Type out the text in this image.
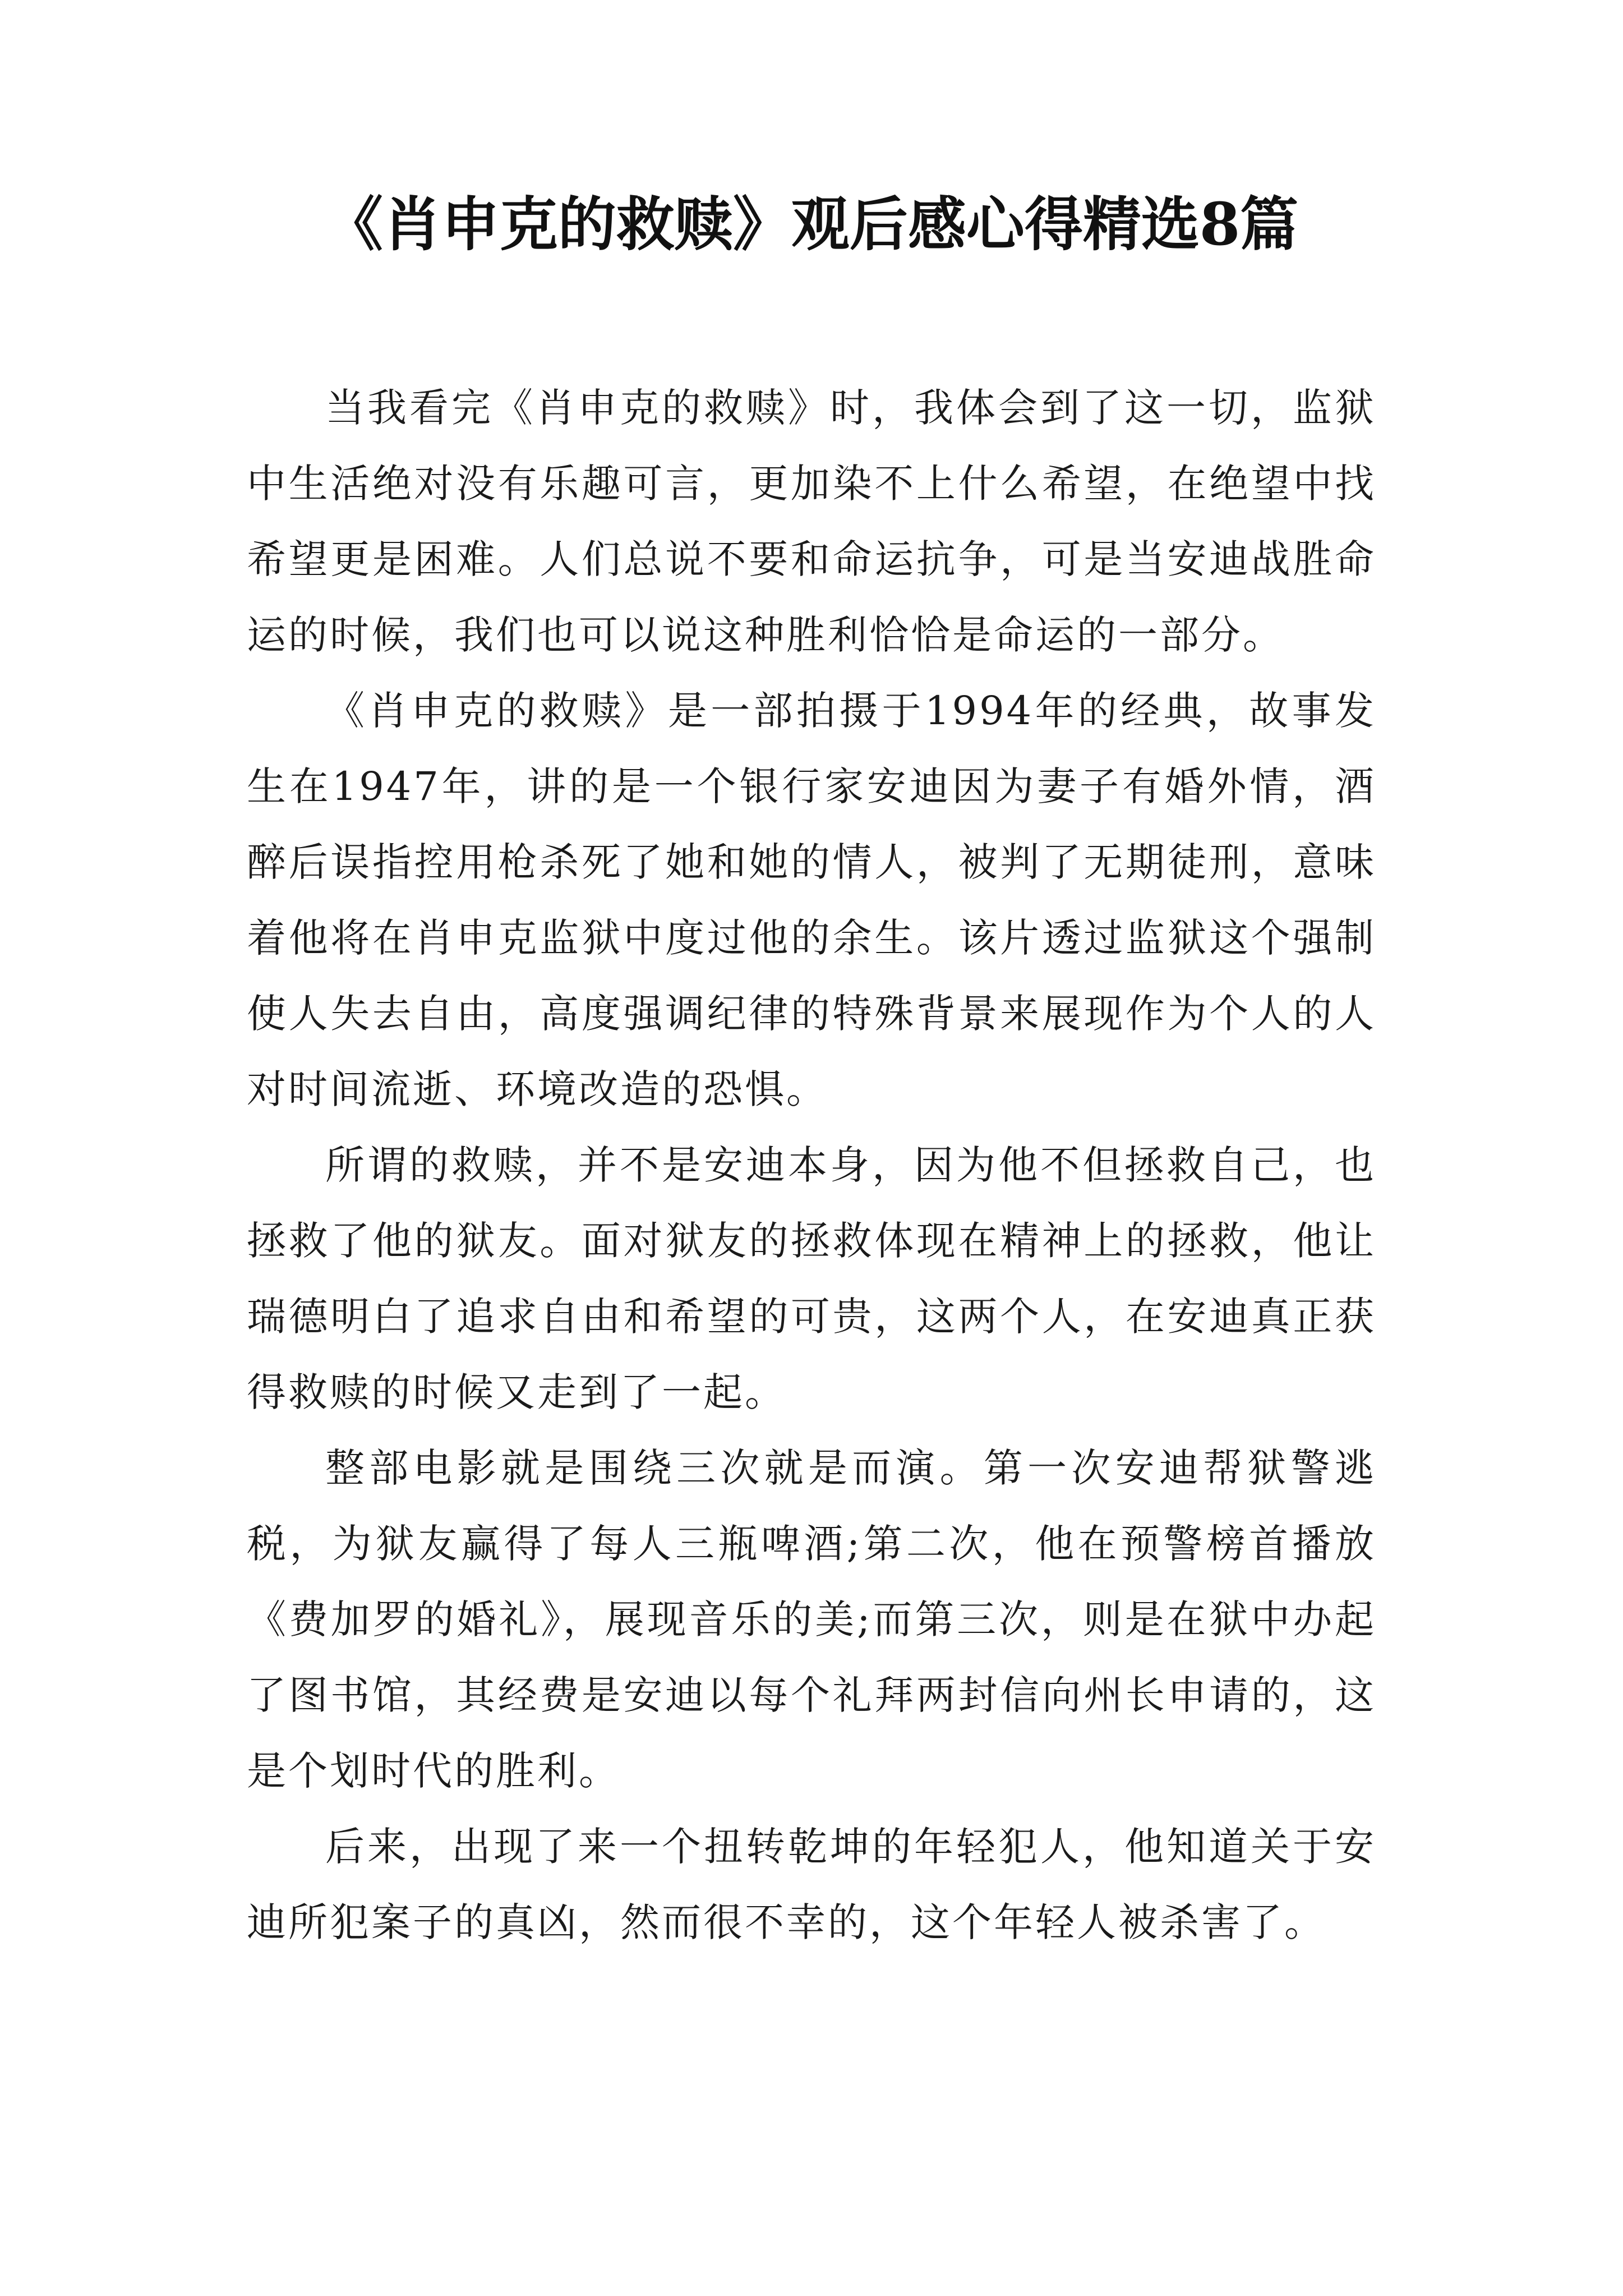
《肖申克的救赎》观后感心得精选8篇

当我看完《肖申克的救赎》时，我体会到了这一切，监狱中生活绝对没有乐趣可言，更加染不上什么希望，在绝望中找希望更是困难。人们总说不要和命运抗争，可是当安迪战胜命运的时候，我们也可以说这种胜利恰恰是命运的一部分。

《肖申克的救赎》是一部拍摄于1994年的经典，故事发生在1947年，讲的是一个银行家安迪因为妻子有婚外情，酒醉后误指控用枪杀死了她和她的情人，被判了无期徒刑，意味着他将在肖申克监狱中度过他的余生。该片透过监狱这个强制使人失去自由，高度强调纪律的特殊背景来展现作为个人的人对时间流逝、环境改造的恐惧。

所谓的救赎，并不是安迪本身，因为他不但拯救自己，也拯救了他的狱友。面对狱友的拯救体现在精神上的拯救，他让瑞德明白了追求自由和希望的可贵，这两个人，在安迪真正获得救赎的时候又走到了一起。

整部电影就是围绕三次就是而演。第一次安迪帮狱警逃税，为狱友赢得了每人三瓶啤酒;第二次，他在预警榜首播放《费加罗的婚礼》，展现音乐的美;而第三次，则是在狱中办起了图书馆，其经费是安迪以每个礼拜两封信向州长申请的，这是个划时代的胜利。

后来，出现了来一个扭转乾坤的年轻犯人，他知道关于安迪所犯案子的真凶，然而很不幸的，这个年轻人被杀害了。
